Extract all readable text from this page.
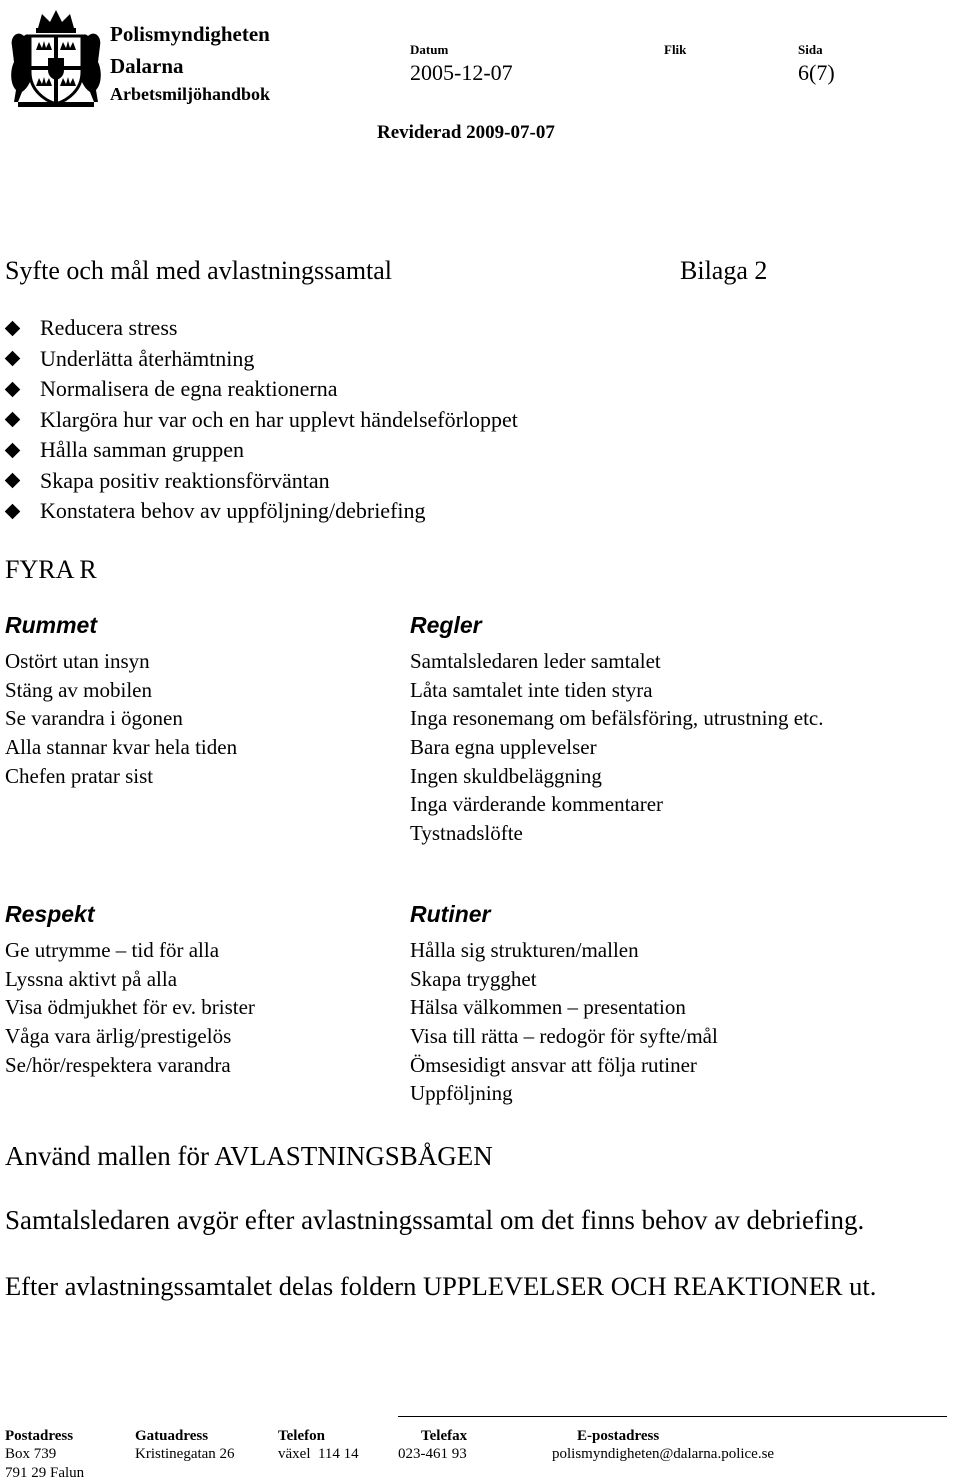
Polismyndigheten
Dalarna
Arbetsmiljöhandbok
Datum
2005-12-07
Flik	Sida
6(7)
Reviderad 2009-07-07
Syfte och mål med avlastningssamtal	Bilaga 2
Reducera stress
Underlätta återhämtning
Normalisera de egna reaktionerna
Klargöra hur var och en har upplevt händelseförloppet
Hålla samman gruppen
Skapa positiv reaktionsförväntan
Konstatera behov av uppföljning/debriefing
FYRA R
Rummet
Ostört utan insyn
Stäng av mobilen
Se varandra i ögonen
Alla stannar kvar hela tiden
Chefen pratar sist
Regler
Samtalsledaren leder samtalet
Låta samtalet inte tiden styra
Inga resonemang om befälsföring, utrustning etc.
Bara egna upplevelser
Ingen skuldbeläggning
Inga värderande kommentarer
Tystnadslöfte
Respekt
Ge utrymme – tid för alla
Lyssna aktivt på alla
Visa ödmjukhet för ev. brister
Våga vara ärlig/prestigelös
Se/hör/respektera varandra
Rutiner
Hålla sig strukturen/mallen
Skapa trygghet
Hälsa välkommen – presentation
Visa till rätta – redogör för syfte/mål
Ömsesidigt ansvar att följa rutiner
Uppföljning
Använd mallen för AVLASTNINGSBÅGEN
Samtalsledaren avgör efter avlastningssamtal om det finns behov av debriefing.
Efter avlastningssamtalet delas foldern UPPLEVELSER OCH REAKTIONER ut.
Postadress
Box 739
791 29 Falun
Gatuadress
Kristinegatan 26
Telefon
växel  114 14
Telefax
023-461 93
E-postadress
polismyndigheten@dalarna.police.se
